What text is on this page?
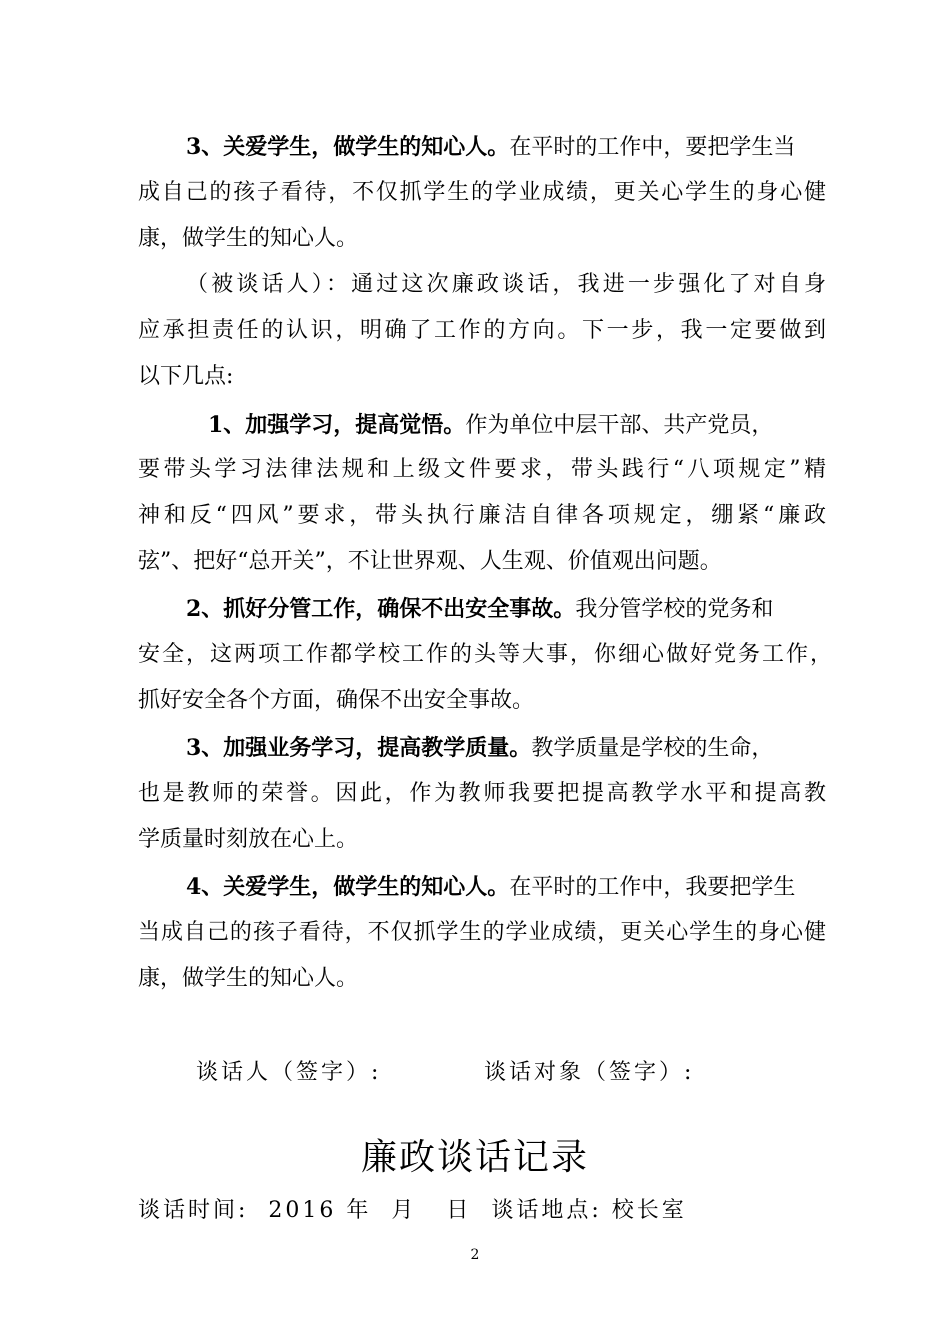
3、关爱学生，做学生的知心人。在平时的工作中，要把学生当
成自己的孩子看待，不仅抓学生的学业成绩，更关心学生的身心健
康，做学生的知心人。
（被谈话人）：通过这次廉政谈话，我进一步强化了对自身
应承担责任的认识，明确了工作的方向。下一步，我一定要做到
以下几点:
1、加强学习，提高觉悟。作为单位中层干部、共产党员，
要带头学习法律法规和上级文件要求，带头践行“八项规定”精
神和反“四风”要求，带头执行廉洁自律各项规定，绷紧“廉政
弦”、把好“总开关”，不让世界观、人生观、价值观出问题。
2、抓好分管工作，确保不出安全事故。我分管学校的党务和
安全，这两项工作都学校工作的头等大事，你细心做好党务工作，
抓好安全各个方面，确保不出安全事故。
3、加强业务学习，提高教学质量。教学质量是学校的生命，
也是教师的荣誉。因此，作为教师我要把提高教学水平和提高教
学质量时刻放在心上。
4、关爱学生，做学生的知心人。在平时的工作中，我要把学生
当成自己的孩子看待，不仅抓学生的学业成绩，更关心学生的身心健
康，做学生的知心人。
谈话人（签字）:	谈话对象（签字）:
廉政谈话记录
谈话时间:  2016 年  月   日  谈话地点: 校长室
2
